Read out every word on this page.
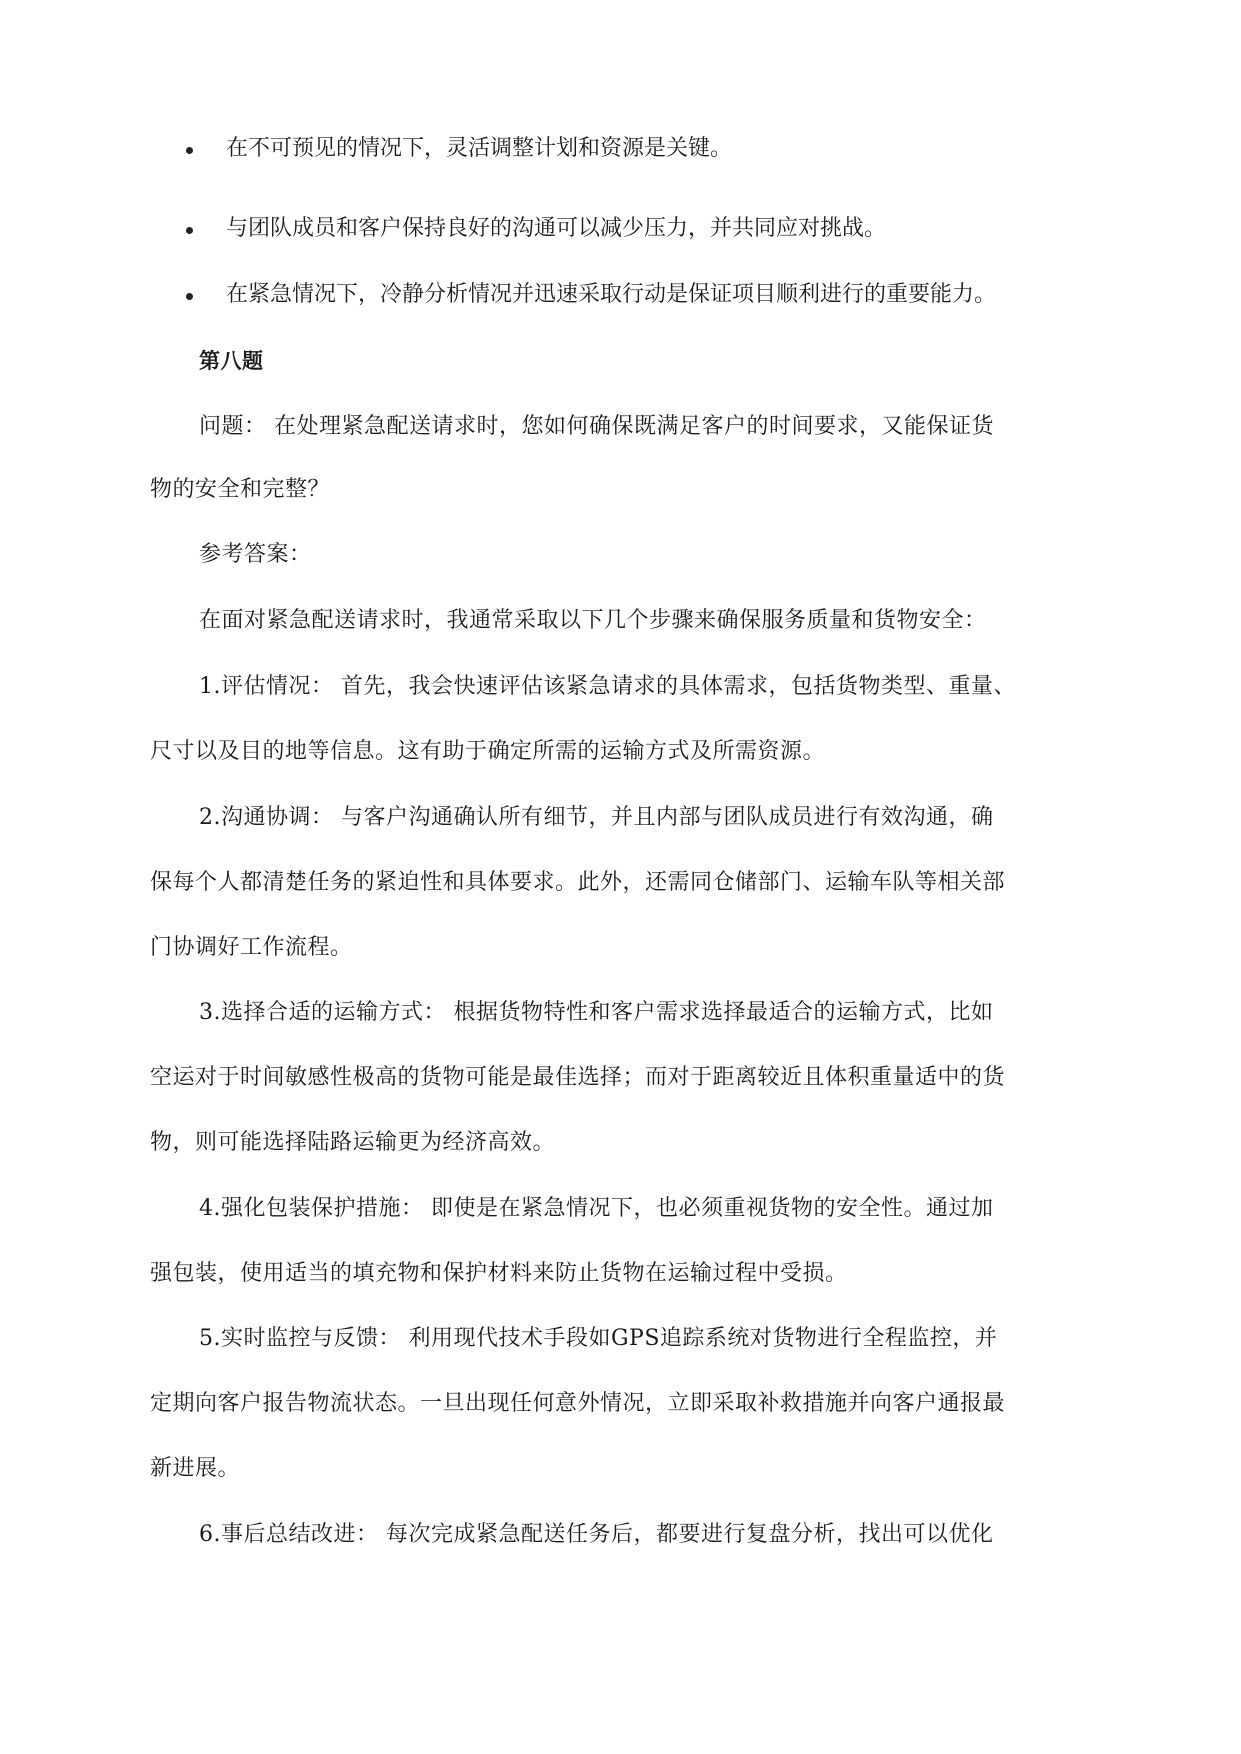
在不可预见的情况下，灵活调整计划和资源是关键。
与团队成员和客户保持良好的沟通可以减少压力，并共同应对挑战。
在紧急情况下，冷静分析情况并迅速采取行动是保证项目顺利进行的重要能力。
第八题
问题： 在处理紧急配送请求时，您如何确保既满足客户的时间要求，又能保证货
物的安全和完整？
参考答案：
在面对紧急配送请求时，我通常采取以下几个步骤来确保服务质量和货物安全：
1.评估情况： 首先，我会快速评估该紧急请求的具体需求，包括货物类型、重量、
尺寸以及目的地等信息。这有助于确定所需的运输方式及所需资源。
2.沟通协调： 与客户沟通确认所有细节，并且内部与团队成员进行有效沟通，确
保每个人都清楚任务的紧迫性和具体要求。此外，还需同仓储部门、运输车队等相关部
门协调好工作流程。
3.选择合适的运输方式： 根据货物特性和客户需求选择最适合的运输方式，比如
空运对于时间敏感性极高的货物可能是最佳选择；而对于距离较近且体积重量适中的货
物，则可能选择陆路运输更为经济高效。
4.强化包装保护措施： 即使是在紧急情况下，也必须重视货物的安全性。通过加
强包装，使用适当的填充物和保护材料来防止货物在运输过程中受损。
5.实时监控与反馈： 利用现代技术手段如GPS追踪系统对货物进行全程监控，并
定期向客户报告物流状态。一旦出现任何意外情况，立即采取补救措施并向客户通报最
新进展。
6.事后总结改进： 每次完成紧急配送任务后，都要进行复盘分析，找出可以优化
